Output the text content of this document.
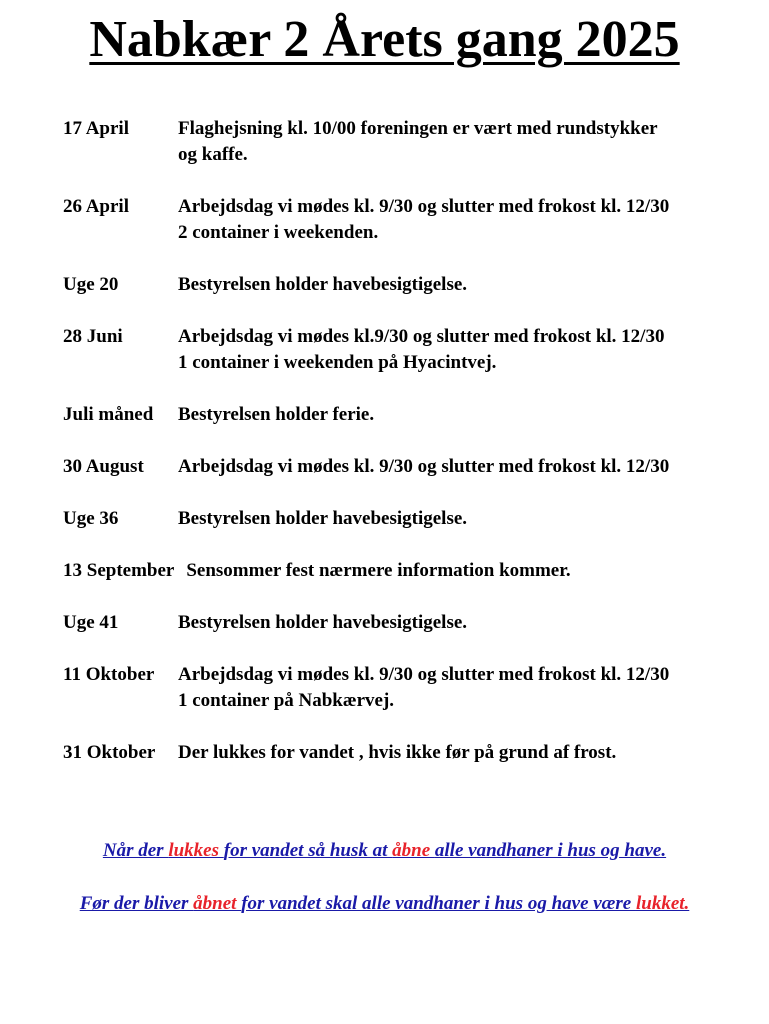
Nabkær 2 Årets gang 2025
17 April	Flaghejsning kl. 10/00 foreningen er vært med rundstykker
og kaffe.
26 April	Arbejdsdag vi mødes kl. 9/30 og slutter med frokost kl. 12/30
2 container i weekenden.
Uge 20	Bestyrelsen holder havebesigtigelse.
28 Juni	Arbejdsdag vi mødes kl.9/30 og slutter med frokost kl. 12/30
1 container i weekenden på Hyacintvej.
Juli måned	Bestyrelsen holder ferie.
30 August	Arbejdsdag vi mødes kl. 9/30 og slutter med frokost kl. 12/30
Uge 36	Bestyrelsen holder havebesigtigelse.
13 September Sensommer fest nærmere information kommer.
Uge 41	Bestyrelsen holder havebesigtigelse.
11 Oktober	Arbejdsdag vi mødes kl. 9/30 og slutter med frokost kl. 12/30
1 container på Nabkærvej.
31 Oktober	Der lukkes for vandet , hvis ikke før på grund af frost.
Når der lukkes for vandet så husk at åbne alle vandhaner i hus og have.
Før der bliver åbnet for vandet skal alle vandhaner i hus og have være lukket.
